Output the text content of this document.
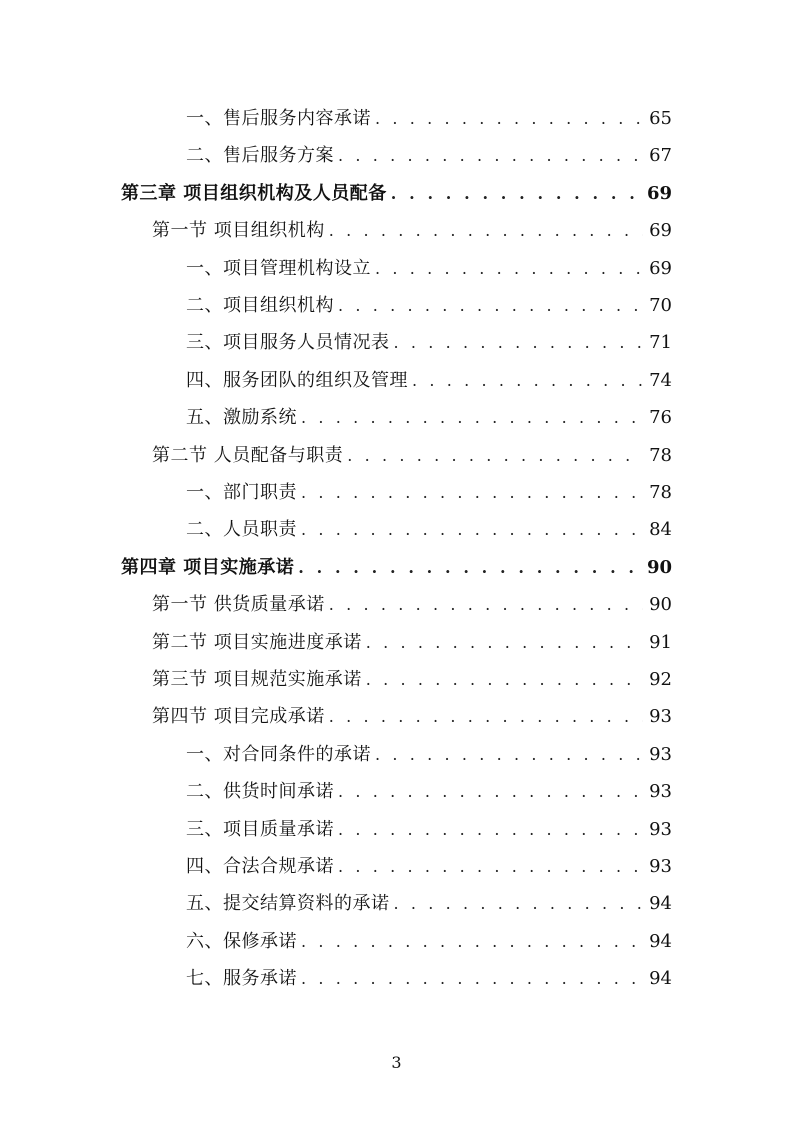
一、售后服务内容承诺 . . .	65
二、售后服务方案 . . .	67
第三章 项目组织机构及人员配备 . . .	69
第一节 项目组织机构 . . .	69
一、项目管理机构设立 . . .	69
二、项目组织机构 . . .	70
三、项目服务人员情况表 . . .	71
四、服务团队的组织及管理 . . .	74
五、激励系统 . . .	76
第二节 人员配备与职责 . . .	78
一、部门职责 . . .	78
二、人员职责 . . .	84
第四章 项目实施承诺 . . .	90
第一节 供货质量承诺 . . .	90
第二节 项目实施进度承诺 . . .	91
第三节 项目规范实施承诺 . . .	92
第四节 项目完成承诺 . . .	93
一、对合同条件的承诺 . . .	93
二、供货时间承诺 . . .	93
三、项目质量承诺 . . .	93
四、合法合规承诺 . . .	93
五、提交结算资料的承诺 . . .	94
六、保修承诺 . . .	94
七、服务承诺 . . .	94
3
